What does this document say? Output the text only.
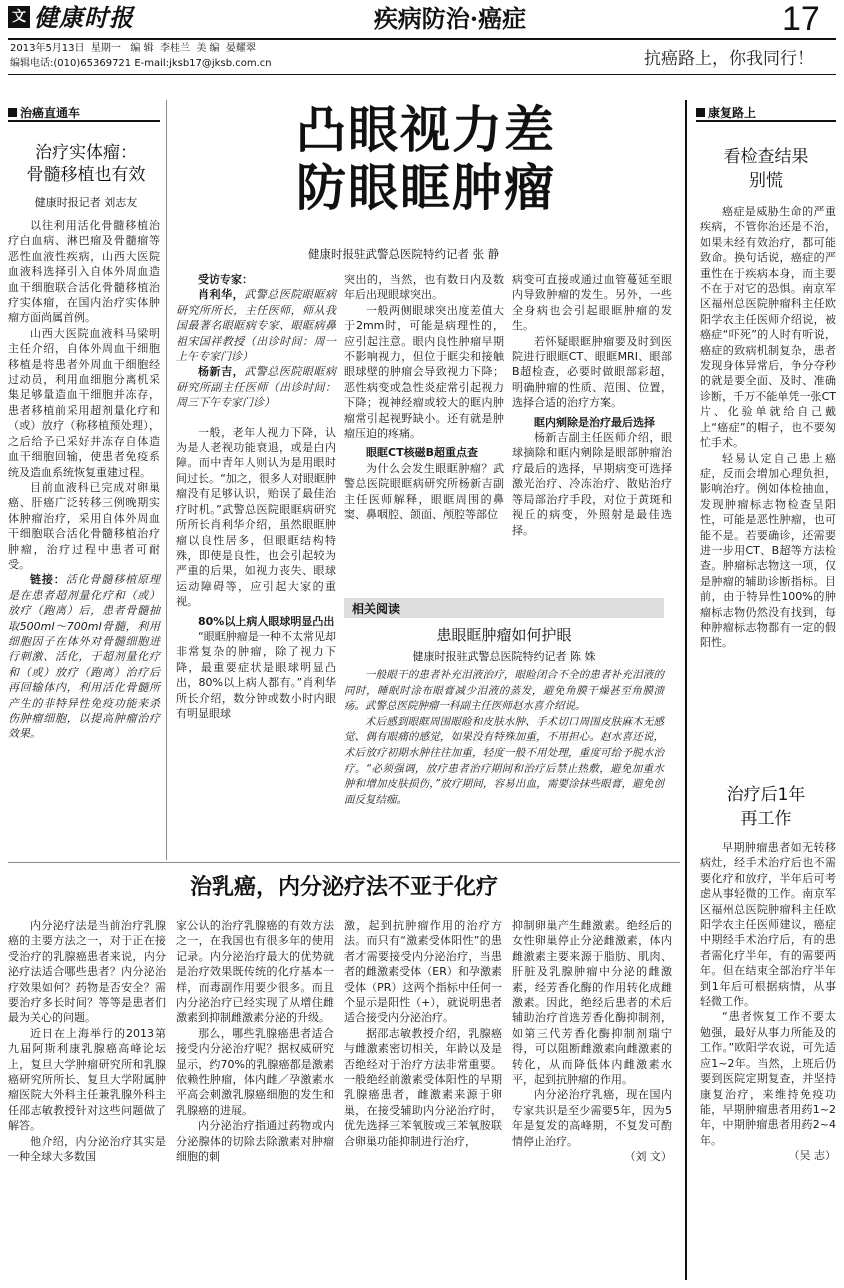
文 健康时报	疾病防治·癌症	17
2013年5月13日  星期一   编 辑  李桂兰  美 编  晏耀翠
编辑电话:(010)65369721 E-mail:jksb17@jksb.com.cn	抗癌路上，你我同行！
治癌直通车
治疗实体瘤：
骨髓移植也有效
健康时报记者 刘志友

以往利用活化骨髓移植治疗白血病、淋巴瘤及骨髓瘤等恶性血液性疾病，山西大医院血液科选择引入自体外周血造血干细胞联合活化骨髓移植治疗实体瘤，在国内治疗实体肿瘤方面尚属首例。

山西大医院血液科马梁明主任介绍，自体外周血干细胞移植是将患者外周血干细胞经过动员，利用血细胞分离机采集足够量造血干细胞并冻存，患者移植前采用超剂量化疗和（或）放疗（称移植预处理），之后给予已采好并冻存自体造血干细胞回输，使患者免疫系统及造血系统恢复重建过程。

目前血液科已完成对卵巢癌、肝癌广泛转移三例晚期实体肿瘤治疗，采用自体外周血干细胞联合活化骨髓移植治疗肿瘤，治疗过程中患者可耐受。

链接：活化骨髓移植原理是在患者超剂量化疗和（或）放疗（跑离）后，患者骨髓抽取500ml～700ml骨髓，利用细胞因子在体外对骨髓细胞进行刺激、活化，于超剂量化疗和（或）放疗（跑离）治疗后再回输体内，利用活化骨髓所产生的非特异性免疫功能来杀伤肿瘤细胞，以提高肿瘤治疗效果。

凸眼视力差
防眼眶肿瘤
健康时报驻武警总医院特约记者 张 静
受访专家：

肖利华，武警总医院眼眶病研究所所长，主任医师，师从我国最著名眼眶病专家、眼眶病鼻祖宋国祥教授（出诊时间：周一上午专家门诊）

杨新吉，武警总医院眼眶病研究所副主任医师（出诊时间：周三下午专家门诊）

一般，老年人视力下降，认为是人老视功能衰退，或是白内障。而中青年人则认为是用眼时间过长。“加之，很多人对眼眶肿瘤没有足够认识，贻误了最佳治疗时机。”武警总医院眼眶病研究所所长肖利华介绍，虽然眼眶肿瘤以良性居多，但眼眶结构特殊，即使是良性，也会引起较为严重的后果，如视力丧失、眼球运动障碍等，应引起大家的重视。

80%以上病人眼球明显凸出

“眼眶肿瘤是一种不太常见却非常复杂的肿瘤，除了视力下降，最重要症状是眼球明显凸出，80%以上病人都有。”肖利华所长介绍，数分钟或数小时内眼有明显眼球

突出的，当然，也有数日内及数年后出现眼球突出。

一般两侧眼球突出度差值大于2mm时，可能是病理性的，应引起注意。眼内良性肿瘤早期不影响视力，但位于眶尖和接触眼球壁的肿瘤会导致视力下降；恶性病变或急性炎症常引起视力下降；视神经瘤或较大的眶内肿瘤常引起视野缺小。还有就是肿瘤压迫的疼痛。

眼眶CT核磁B超重点查

为什么会发生眼眶肿瘤？武警总医院眼眶病研究所杨新吉副主任医师解释，眼眶周围的鼻窦、鼻咽腔、颌面、颅腔等部位

病变可直接或通过血管蔓延至眼内导致肿瘤的发生。另外，一些全身病也会引起眼眶肿瘤的发生。

若怀疑眼眶肿瘤要及时到医院进行眼眶CT、眼眶MRI、眼部B超检查，必要时做眼部彩超，明确肿瘤的性质、范围、位置，选择合适的治疗方案。

眶内剜除是治疗最后选择

杨新吉副主任医师介绍，眼球摘除和眶内剜除是眼部肿瘤治疗最后的选择，早期病变可选择激光治疗、冷冻治疗、散贴治疗等局部治疗手段，对位于黄斑和视丘的病变，外照射是最佳选择。

相关阅读
患眼眶肿瘤如何护眼
健康时报驻武警总医院特约记者 陈 姝

一般眼干的患者补充泪液治疗，眼睑闭合不全的患者补充泪液的同时，睡眠时涂布眼膏减少泪液的蒸发，避免角膜干燥甚至角膜溃疡。武警总医院肿瘤一科副主任医师赵水喜介绍说。

术后感到眼眶周围眼睑和皮肤水肿、手术切口周围皮肤麻木无感觉、偶有眼痛的感觉，如果没有特殊加重，不用担心。赵水喜还说，术后放疗初期水肿往往加重，轻度一般不用处理，重度可给予脱水治疗。“必须强调，放疗患者治疗期间和治疗后禁止热敷，避免加重水肿和增加皮肤损伤，”放疗期间，容易出血，需要涂抹些眼膏，避免创面反复结痂。

康复路上
看检查结果
别慌

癌症是威胁生命的严重疾病，不管你治还是不治，如果未经有效治疗，都可能致命。换句话说，癌症的严重性在于疾病本身，而主要不在于对它的恐惧。南京军区福州总医院肿瘤科主任欧阳学农主任医师介绍说，被癌症“吓死”的人时有听说，癌症的致病机制复杂，患者发现身体异常后，争分夺秒的就是要全面、及时、准确诊断，千万不能单凭一张CT片、化验单就给自己戴上“癌症”的帽子，也不要匆忙手术。

轻易认定自己患上癌症，反而会增加心理负担，影响治疗。例如体检抽血，发现肿瘤标志物检查呈阳性，可能是恶性肿瘤，也可能不是。若要确诊，还需要进一步用CT、B超等方法检查。肿瘤标志物这一项，仅是肿瘤的辅助诊断指标。目前，由于特异性100%的肿瘤标志物仍然没有找到，每种肿瘤标志物都有一定的假阳性。

治疗后1年
再工作

早期肿瘤患者如无转移病灶，经手术治疗后也不需要化疗和放疗，半年后可考虑从事轻微的工作。南京军区福州总医院肿瘤科主任欧阳学农主任医师建议，癌症中期经手术治疗后，有的患者需化疗半年，有的需要两年。但在结束全部治疗半年到1年后可根据病情，从事轻微工作。

“患者恢复工作不要太勉强，最好从事力所能及的工作。”欧阳学农说，可先适应1~2年。当然，上班后仍要到医院定期复查，并坚持康复治疗，来维持免疫功能，早期肿瘤患者用药1~2年，中期肿瘤患者用药2~4年。

（吴 志）
治乳癌，内分泌疗法不亚于化疗

内分泌疗法是当前治疗乳腺癌的主要方法之一，对于正在接受治疗的乳腺癌患者来说，内分泌疗法适合哪些患者？内分泌治疗效果如何？药物是否安全？需要治疗多长时间？等等是患者们最为关心的问题。

近日在上海举行的2013第九届阿斯利康乳腺癌高峰论坛上，复旦大学肿瘤研究所和乳腺癌研究所所长、复旦大学附属肿瘤医院大外科主任兼乳腺外科主任邵志敏教授针对这些问题做了解答。

他介绍，内分泌治疗其实是一种全球大多数国

家公认的治疗乳腺癌的有效方法之一，在我国也有很多年的使用记录。内分泌治疗最大的优势就是治疗效果既传统的化疗基本一样，而毒副作用要少很多。而且内分泌治疗已经实现了从增住雌激素到抑制雌激素分泌的升级。

那么，哪些乳腺癌患者适合接受内分泌治疗呢？据权威研究显示，约70%的乳腺癌都是激素依赖性肿瘤，体内雌／孕激素水平高会刺激乳腺癌细胞的发生和乳腺癌的进展。

内分泌治疗指通过药物或内分泌腺体的切除去除激素对肿瘤细胞的刺

激，起到抗肿瘤作用的治疗方法。而只有“激素受体阳性”的患者才需要接受内分泌治疗，当患者的雌激素受体（ER）和孕激素受体（PR）这两个指标中任何一个显示是阳性（+），就说明患者适合接受内分泌治疗。

据邵志敏教授介绍，乳腺癌与雌激素密切相关，年龄以及是否绝经对于治疗方法非常重要。一般绝经前激素受体阳性的早期乳腺癌患者，雌激素来源于卵巢，在接受辅助内分泌治疗时，优先选择三苯氧胺或三苯氧胺联合卵巢功能抑制进行治疗，

抑制卵巢产生雌激素。绝经后的女性卵巢停止分泌雌激素，体内雌激素主要来源于脂肪、肌肉、肝脏及乳腺肿瘤中分泌的雌激素，经芳香化酶的作用转化成雌激素。因此，绝经后患者的术后辅助治疗首选芳香化酶抑制剂，如第三代芳香化酶抑制剂瑞宁得，可以阻断雌激素向雌激素的转化，从而降低体内雌激素水平，起到抗肿瘤的作用。

内分泌治疗乳癌，现在国内专家共识是至少需要5年，因为5年是复发的高峰期，不复发可酌情停止治疗。

（刘 文）
